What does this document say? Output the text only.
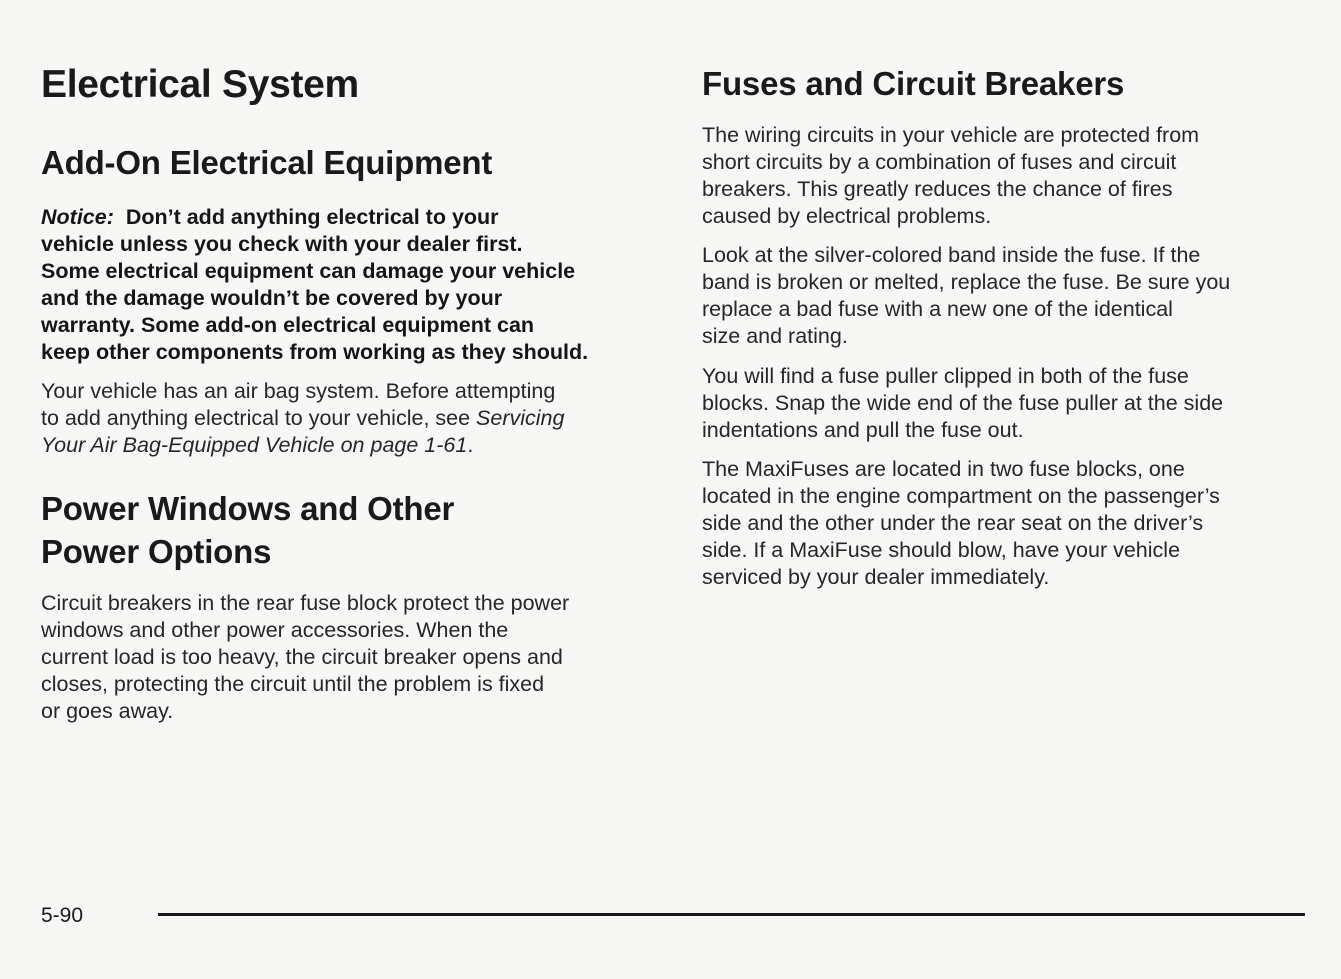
Electrical System
Add-On Electrical Equipment
Notice: Don’t add anything electrical to your
vehicle unless you check with your dealer first.
Some electrical equipment can damage your vehicle
and the damage wouldn’t be covered by your
warranty. Some add-on electrical equipment can
keep other components from working as they should.
Your vehicle has an air bag system. Before attempting
to add anything electrical to your vehicle, see Servicing
Your Air Bag-Equipped Vehicle on page 1-61.
Power Windows and Other
Power Options
Circuit breakers in the rear fuse block protect the power
windows and other power accessories. When the
current load is too heavy, the circuit breaker opens and
closes, protecting the circuit until the problem is fixed
or goes away.
Fuses and Circuit Breakers
The wiring circuits in your vehicle are protected from
short circuits by a combination of fuses and circuit
breakers. This greatly reduces the chance of fires
caused by electrical problems.
Look at the silver-colored band inside the fuse. If the
band is broken or melted, replace the fuse. Be sure you
replace a bad fuse with a new one of the identical
size and rating.
You will find a fuse puller clipped in both of the fuse
blocks. Snap the wide end of the fuse puller at the side
indentations and pull the fuse out.
The MaxiFuses are located in two fuse blocks, one
located in the engine compartment on the passenger’s
side and the other under the rear seat on the driver’s
side. If a MaxiFuse should blow, have your vehicle
serviced by your dealer immediately.
5-90
